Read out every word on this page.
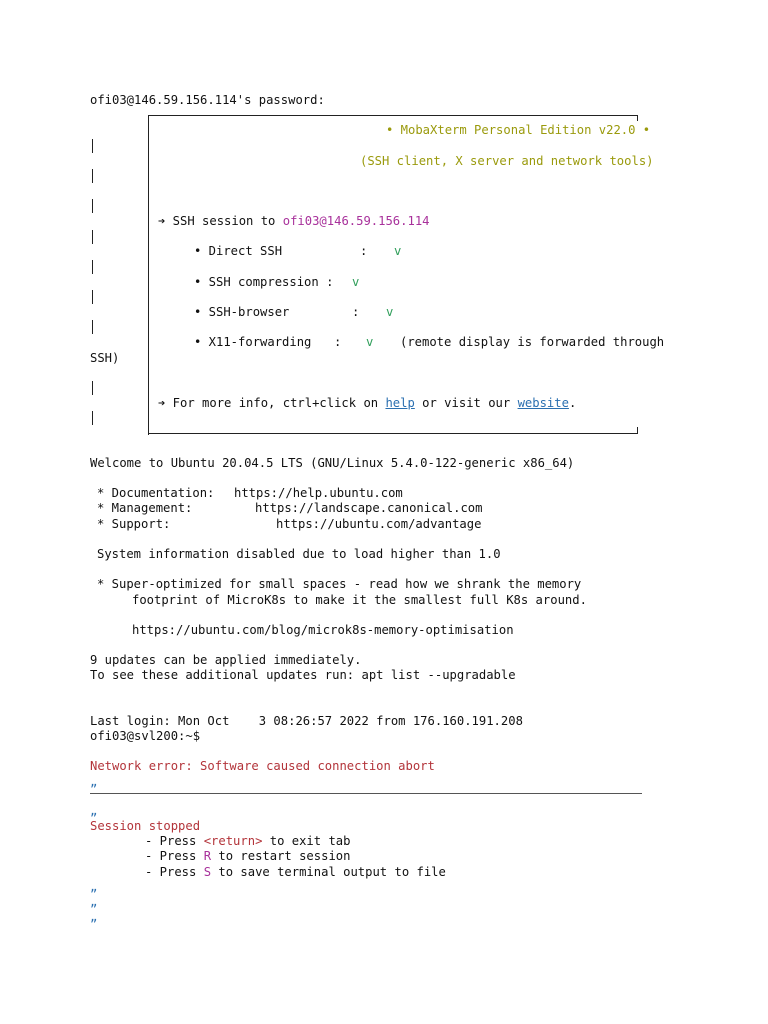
ofi03@146.59.156.114's password:
• MobaXterm Personal Edition v22.0 •
(SSH client, X server and network tools)
➔ SSH session to ofi03@146.59.156.114
• Direct SSH	: v
• SSH compression : v
• SSH-browser	: v
• X11-forwarding : v (remote display is forwarded through
SSH)
➔ For more info, ctrl+click on help or visit our website.
Welcome to Ubuntu 20.04.5 LTS (GNU/Linux 5.4.0-122-generic x86_64)
* Documentation: https://help.ubuntu.com
* Management:	https://landscape.canonical.com
* Support:	https://ubuntu.com/advantage
System information disabled due to load higher than 1.0
* Super-optimized for small spaces - read how we shrank the memory
footprint of MicroK8s to make it the smallest full K8s around.
https://ubuntu.com/blog/microk8s-memory-optimisation
9 updates can be applied immediately.
To see these additional updates run: apt list --upgradable
Last login: Mon Oct    3 08:26:57 2022 from 176.160.191.208
ofi03@svl200:~$
Network error: Software caused connection abort
„
„
Session stopped
- Press <return> to exit tab
- Press R to restart session
- Press S to save terminal output to file
„
„
„
